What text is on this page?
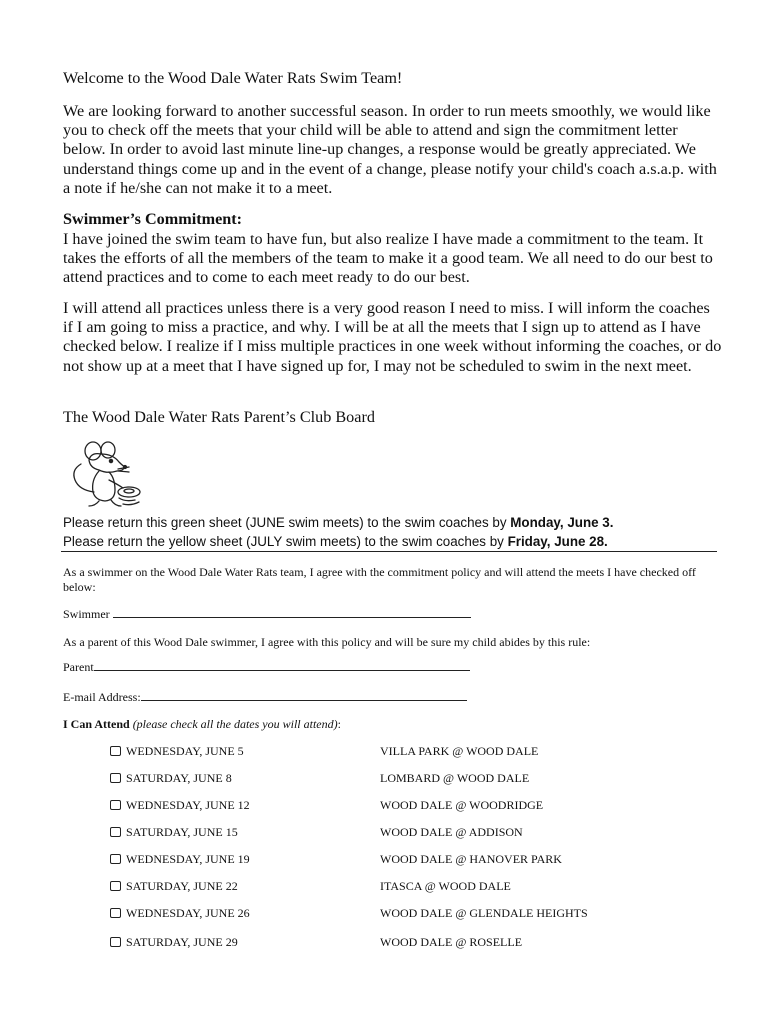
Welcome to the Wood Dale Water Rats Swim Team!

We are looking forward to another successful season. In order to run meets smoothly, we would like you to check off the meets that your child will be able to attend and sign the commitment letter below. In order to avoid last minute line-up changes, a response would be greatly appreciated. We understand things come up and in the event of a change, please notify your child's coach a.s.a.p. with a note if he/she can not make it to a meet.

Swimmer’s Commitment:

I have joined the swim team to have fun, but also realize I have made a commitment to the team. It takes the efforts of all the members of the team to make it a good team. We all need to do our best to attend practices and to come to each meet ready to do our best.

I will attend all practices unless there is a very good reason I need to miss. I will inform the coaches if I am going to miss a practice, and why. I will be at all the meets that I sign up to attend as I have checked below. I realize if I miss multiple practices in one week without informing the coaches, or do not show up at a meet that I have signed up for, I may not be scheduled to swim in the next meet.

The Wood Dale Water Rats Parent’s Club Board
Please return this green sheet (JUNE swim meets) to the swim coaches by Monday, June 3.
Please return the yellow sheet (JULY swim meets) to the swim coaches by Friday, June 28.
As a swimmer on the Wood Dale Water Rats team, I agree with the commitment policy and will attend the meets I have checked off below:
Swimmer
As a parent of this Wood Dale swimmer, I agree with this policy and will be sure my child abides by this rule:
Parent
E-mail Address:
I Can Attend (please check all the dates you will attend):
WEDNESDAY, JUNE 5	VILLA PARK @ WOOD DALE
SATURDAY, JUNE 8	LOMBARD @ WOOD DALE
WEDNESDAY, JUNE 12	WOOD DALE @ WOODRIDGE
SATURDAY, JUNE 15	WOOD DALE @ ADDISON
WEDNESDAY, JUNE 19	WOOD DALE @ HANOVER PARK
SATURDAY, JUNE 22	ITASCA @ WOOD DALE
WEDNESDAY, JUNE 26	WOOD DALE @ GLENDALE HEIGHTS
SATURDAY, JUNE 29	WOOD DALE @ ROSELLE
